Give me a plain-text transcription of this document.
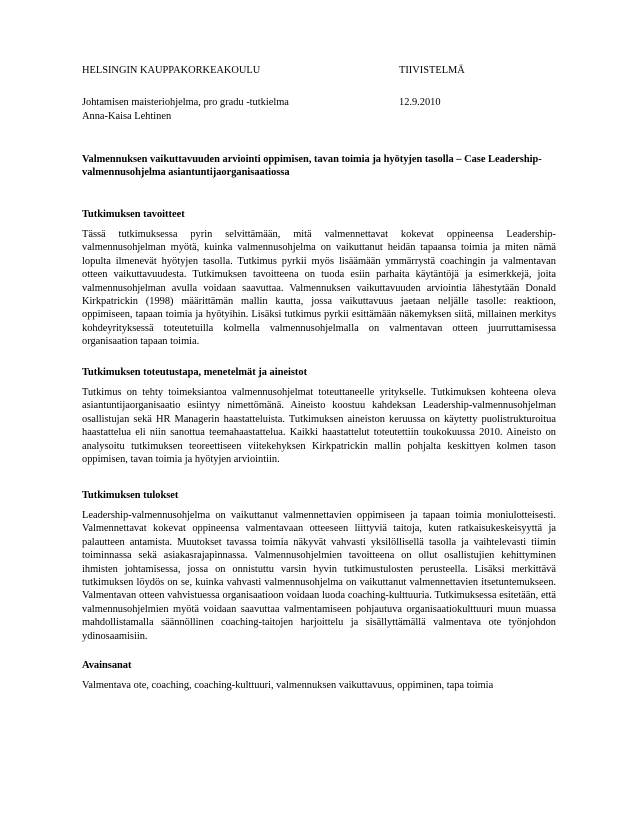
HELSINGIN KAUPPAKORKEAKOULU	TIIVISTELMÄ
Johtamisen maisteriohjelma, pro gradu -tutkielma	12.9.2010
Anna-Kaisa Lehtinen
Valmennuksen vaikuttavuuden arviointi oppimisen, tavan toimia ja hyötyjen tasolla – Case Leadership-valmennusohjelma asiantuntijaorganisaatiossa
Tutkimuksen tavoitteet

Tässä tutkimuksessa pyrin selvittämään, mitä valmennettavat kokevat oppineensa Leadership-valmennusohjelman myötä, kuinka valmennusohjelma on vaikuttanut heidän tapaansa toimia ja miten nämä lopulta ilmenevät hyötyjen tasolla. Tutkimus pyrkii myös lisäämään ymmärrystä coachingin ja valmentavan otteen vaikuttavuudesta. Tutkimuksen tavoitteena on tuoda esiin parhaita käytäntöjä ja esimerkkejä, joita valmennusohjelman avulla voidaan saavuttaa. Valmennuksen vaikuttavuuden arviointia lähestytään Donald Kirkpatrickin (1998) määrittämän mallin kautta, jossa vaikuttavuus jaetaan neljälle tasolle: reaktioon, oppimiseen, tapaan toimia ja hyötyihin. Lisäksi tutkimus pyrkii esittämään näkemyksen siitä, millainen merkitys kohdeyrityksessä toteutetuilla kolmella valmennusohjelmalla on valmentavan otteen juurruttamisessa organisaation tapaan toimia.

Tutkimuksen toteutustapa, menetelmät ja aineistot

Tutkimus on tehty toimeksiantoa valmennusohjelmat toteuttaneelle yritykselle. Tutkimuksen kohteena oleva asiantuntijaorganisaatio esiintyy nimettömänä. Aineisto koostuu kahdeksan Leadership-valmennusohjelman osallistujan sekä HR Managerin haastatteluista. Tutkimuksen aineiston keruussa on käytetty puolistrukturoitua haastattelua eli niin sanottua teemahaastattelua. Kaikki haastattelut toteutettiin toukokuussa 2010. Aineisto on analysoitu tutkimuksen teoreettiseen viitekehyksen Kirkpatrickin mallin pohjalta keskittyen kolmen tason oppimisen, tavan toimia ja hyötyjen arviointiin.

Tutkimuksen tulokset

Leadership-valmennusohjelma on vaikuttanut valmennettavien oppimiseen ja tapaan toimia moniulotteisesti. Valmennettavat kokevat oppineensa valmentavaan otteeseen liittyviä taitoja, kuten ratkaisukeskeisyyttä ja palautteen antamista. Muutokset tavassa toimia näkyvät vahvasti yksilöllisellä tasolla ja vaihtelevasti tiimin toiminnassa sekä asiakasrajapinnassa. Valmennusohjelmien tavoitteena on ollut osallistujien kehittyminen ihmisten johtamisessa, jossa on onnistuttu varsin hyvin tutkimustulosten perusteella. Lisäksi merkittävä tutkimuksen löydös on se, kuinka vahvasti valmennusohjelma on vaikuttanut valmennettavien itsetuntemukseen. Valmentavan otteen vahvistuessa organisaatioon voidaan luoda coaching-kulttuuria. Tutkimuksessa esitetään, että valmennusohjelmien myötä voidaan saavuttaa valmentamiseen pohjautuva organisaatiokulttuuri muun muassa mahdollistamalla säännöllinen coaching-taitojen harjoittelu ja sisällyttämällä valmentava ote työnjohdon ydinosaamisiin.

Avainsanat

Valmentava ote, coaching, coaching-kulttuuri, valmennuksen vaikuttavuus, oppiminen, tapa toimia
